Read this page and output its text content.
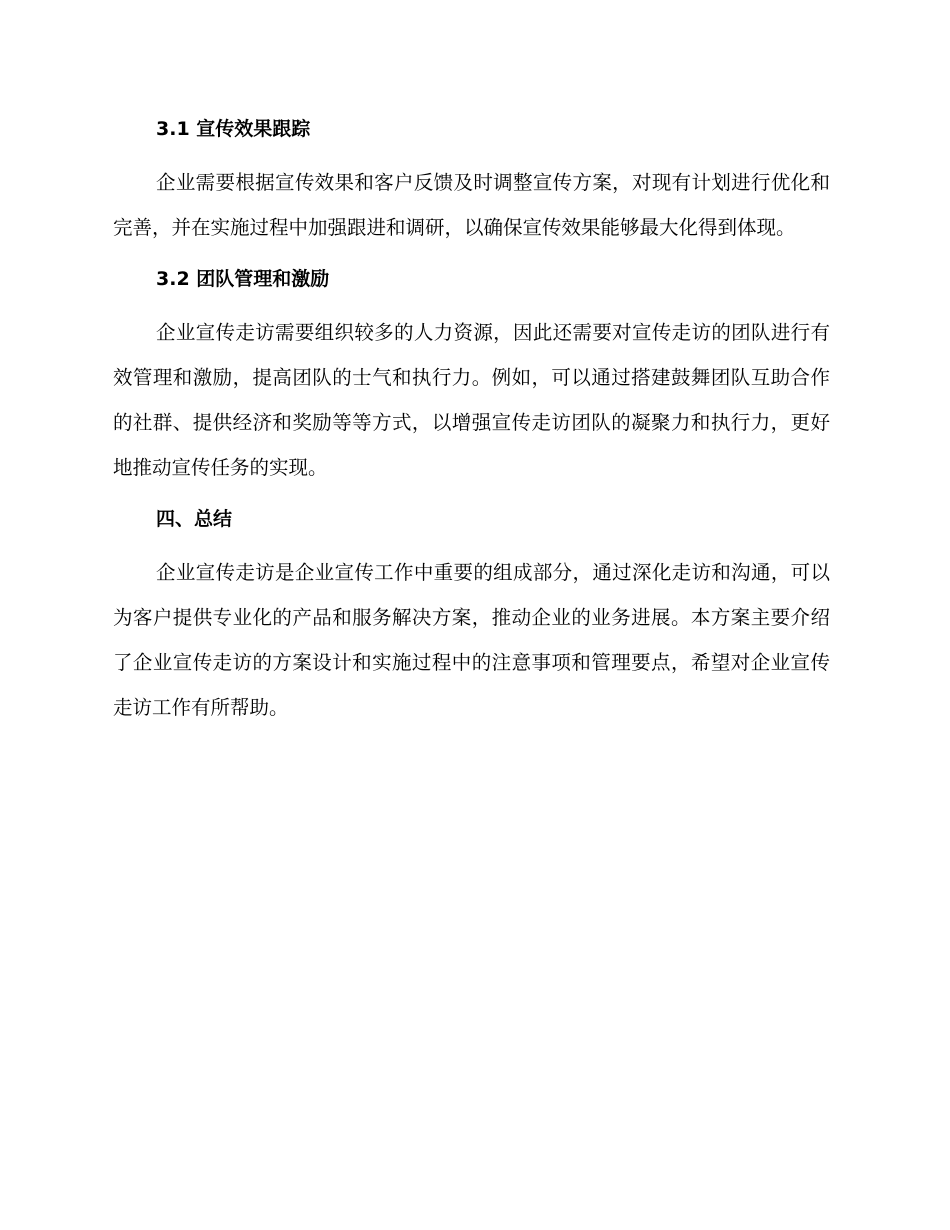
3.1 宣传效果跟踪

企业需要根据宣传效果和客户反馈及时调整宣传方案，对现有计划进行优化和完善，并在实施过程中加强跟进和调研，以确保宣传效果能够最大化得到体现。

3.2 团队管理和激励

企业宣传走访需要组织较多的人力资源，因此还需要对宣传走访的团队进行有效管理和激励，提高团队的士气和执行力。例如，可以通过搭建鼓舞团队互助合作的社群、提供经济和奖励等等方式，以增强宣传走访团队的凝聚力和执行力，更好地推动宣传任务的实现。

四、总结

企业宣传走访是企业宣传工作中重要的组成部分，通过深化走访和沟通，可以为客户提供专业化的产品和服务解决方案，推动企业的业务进展。本方案主要介绍了企业宣传走访的方案设计和实施过程中的注意事项和管理要点，希望对企业宣传走访工作有所帮助。
